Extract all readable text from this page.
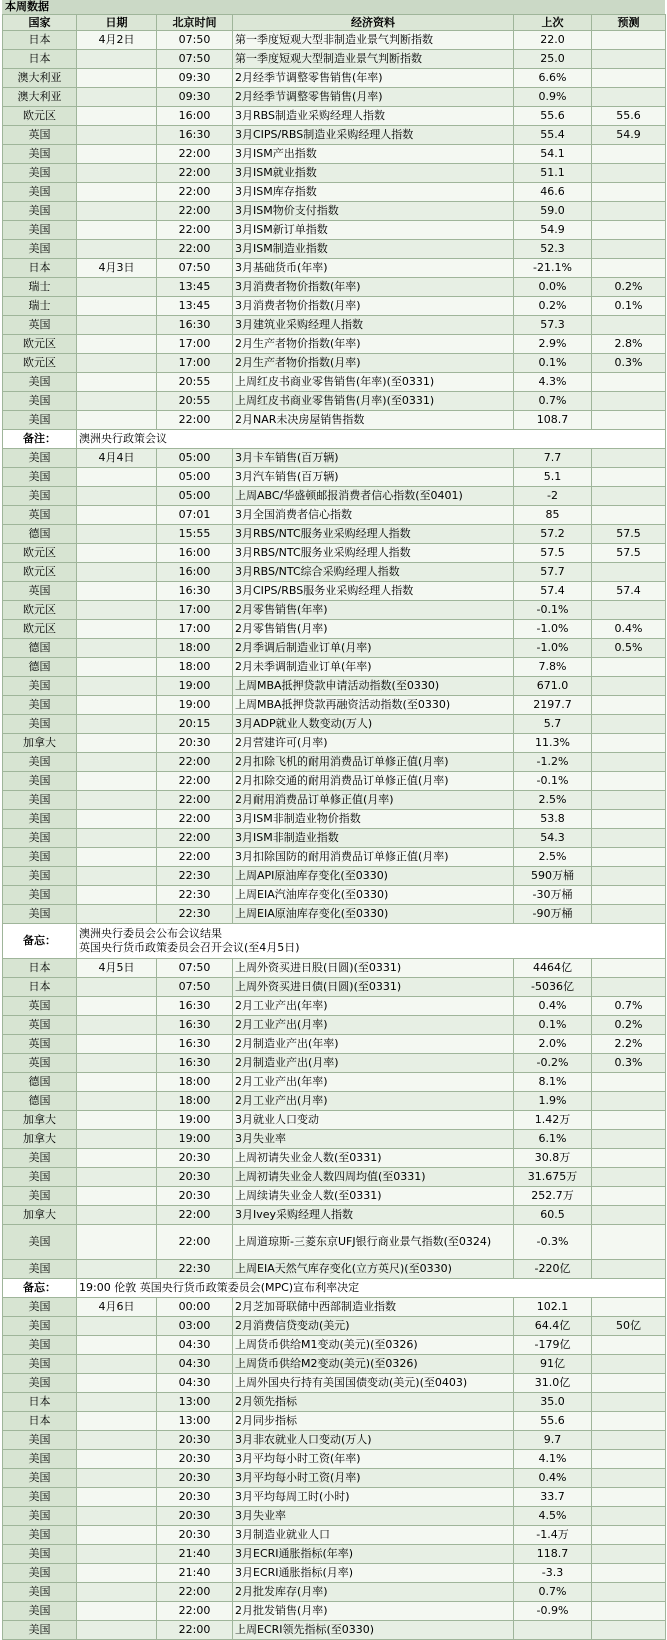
本周数据
国家	日期	北京时间	经济资料	上次	预测
日本	4月2日	07:50	第一季度短观大型非制造业景气判断指数	22.0	
日本		07:50	第一季度短观大型制造业景气判断指数	25.0	
澳大利亚		09:30	2月经季节调整零售销售(年率)	6.6%	
澳大利亚		09:30	2月经季节调整零售销售(月率)	0.9%	
欧元区		16:00	3月RBS制造业采购经理人指数	55.6	55.6
英国		16:30	3月CIPS/RBS制造业采购经理人指数	55.4	54.9
美国		22:00	3月ISM产出指数	54.1	
美国		22:00	3月ISM就业指数	51.1	
美国		22:00	3月ISM库存指数	46.6	
美国		22:00	3月ISM物价支付指数	59.0	
美国		22:00	3月ISM新订单指数	54.9	
美国		22:00	3月ISM制造业指数	52.3	
日本	4月3日	07:50	3月基础货币(年率)	-21.1%	
瑞士		13:45	3月消费者物价指数(年率)	0.0%	0.2%
瑞士		13:45	3月消费者物价指数(月率)	0.2%	0.1%
英国		16:30	3月建筑业采购经理人指数	57.3	
欧元区		17:00	2月生产者物价指数(年率)	2.9%	2.8%
欧元区		17:00	2月生产者物价指数(月率)	0.1%	0.3%
美国		20:55	上周红皮书商业零售销售(年率)(至0331)	4.3%	
美国		20:55	上周红皮书商业零售销售(月率)(至0331)	0.7%	
美国		22:00	2月NAR未决房屋销售指数	108.7	
备注：	澳洲央行政策会议				

美国	4月4日	05:00	3月卡车销售(百万辆)	7.7	
美国		05:00	3月汽车销售(百万辆)	5.1	
美国		05:00	上周ABC/华盛顿邮报消费者信心指数(至0401)	-2	
英国		07:01	3月全国消费者信心指数	85	
德国		15:55	3月RBS/NTC服务业采购经理人指数	57.2	57.5
欧元区		16:00	3月RBS/NTC服务业采购经理人指数	57.5	57.5
欧元区		16:00	3月RBS/NTC综合采购经理人指数	57.7	
英国		16:30	3月CIPS/RBS服务业采购经理人指数	57.4	57.4
欧元区		17:00	2月零售销售(年率)	-0.1%	
欧元区		17:00	2月零售销售(月率)	-1.0%	0.4%
德国		18:00	2月季调后制造业订单(月率)	-1.0%	0.5%
德国		18:00	2月未季调制造业订单(年率)	7.8%	
美国		19:00	上周MBA抵押贷款申请活动指数(至0330)	671.0	
美国		19:00	上周MBA抵押贷款再融资活动指数(至0330)	2197.7	
美国		20:15	3月ADP就业人数变动(万人)	5.7	
加拿大		20:30	2月营建许可(月率)	11.3%	
美国		22:00	2月扣除飞机的耐用消费品订单修正值(月率)	-1.2%	
美国		22:00	2月扣除交通的耐用消费品订单修正值(月率)	-0.1%	
美国		22:00	2月耐用消费品订单修正值(月率)	2.5%	
美国		22:00	3月ISM非制造业物价指数	53.8	
美国		22:00	3月ISM非制造业指数	54.3	
美国		22:00	3月扣除国防的耐用消费品订单修正值(月率)	2.5%	
美国		22:30	上周API原油库存变化(至0330)	590万桶	
美国		22:30	上周EIA汽油库存变化(至0330)	-30万桶	
美国		22:30	上周EIA原油库存变化(至0330)	-90万桶	
备忘：	澳洲央行委员会公布会议结果
英国央行货币政策委员会召开会议(至4月5日)				

日本	4月5日	07:50	上周外资买进日股(日圆)(至0331)	4464亿	
日本		07:50	上周外资买进日债(日圆)(至0331)	-5036亿	
英国		16:30	2月工业产出(年率)	0.4%	0.7%
英国		16:30	2月工业产出(月率)	0.1%	0.2%
英国		16:30	2月制造业产出(年率)	2.0%	2.2%
英国		16:30	2月制造业产出(月率)	-0.2%	0.3%
德国		18:00	2月工业产出(年率)	8.1%	
德国		18:00	2月工业产出(月率)	1.9%	
加拿大		19:00	3月就业人口变动	1.42万	
加拿大		19:00	3月失业率	6.1%	
美国		20:30	上周初请失业金人数(至0331)	30.8万	
美国		20:30	上周初请失业金人数四周均值(至0331)	31.675万	
美国		20:30	上周续请失业金人数(至0331)	252.7万	
加拿大		22:00	3月Ivey采购经理人指数	60.5	
美国		22:00	上周道琼斯-三菱东京UFJ银行商业景气指数(至0324)	-0.3%	
美国		22:30	上周EIA天然气库存变化(立方英尺)(至0330)	-220亿	
备忘：	19:00 伦敦 英国央行货币政策委员会(MPC)宣布利率决定				

美国	4月6日	00:00	2月芝加哥联储中西部制造业指数	102.1	
美国		03:00	2月消费信贷变动(美元)	64.4亿	50亿
美国		04:30	上周货币供给M1变动(美元)(至0326)	-179亿	
美国		04:30	上周货币供给M2变动(美元)(至0326)	91亿	
美国		04:30	上周外国央行持有美国国债变动(美元)(至0403)	31.0亿	
日本		13:00	2月领先指标	35.0	
日本		13:00	2月同步指标	55.6	
美国		20:30	3月非农就业人口变动(万人)	9.7	
美国		20:30	3月平均每小时工资(年率)	4.1%	
美国		20:30	3月平均每小时工资(月率)	0.4%	
美国		20:30	3月平均每周工时(小时)	33.7	
美国		20:30	3月失业率	4.5%	
美国		20:30	3月制造业就业人口	-1.4万	
美国		21:40	3月ECRI通胀指标(年率)	118.7	
美国		21:40	3月ECRI通胀指标(月率)	-3.3	
美国		22:00	2月批发库存(月率)	0.7%	
美国		22:00	2月批发销售(月率)	-0.9%	
美国		22:00	上周ECRI领先指标(至0330)		
